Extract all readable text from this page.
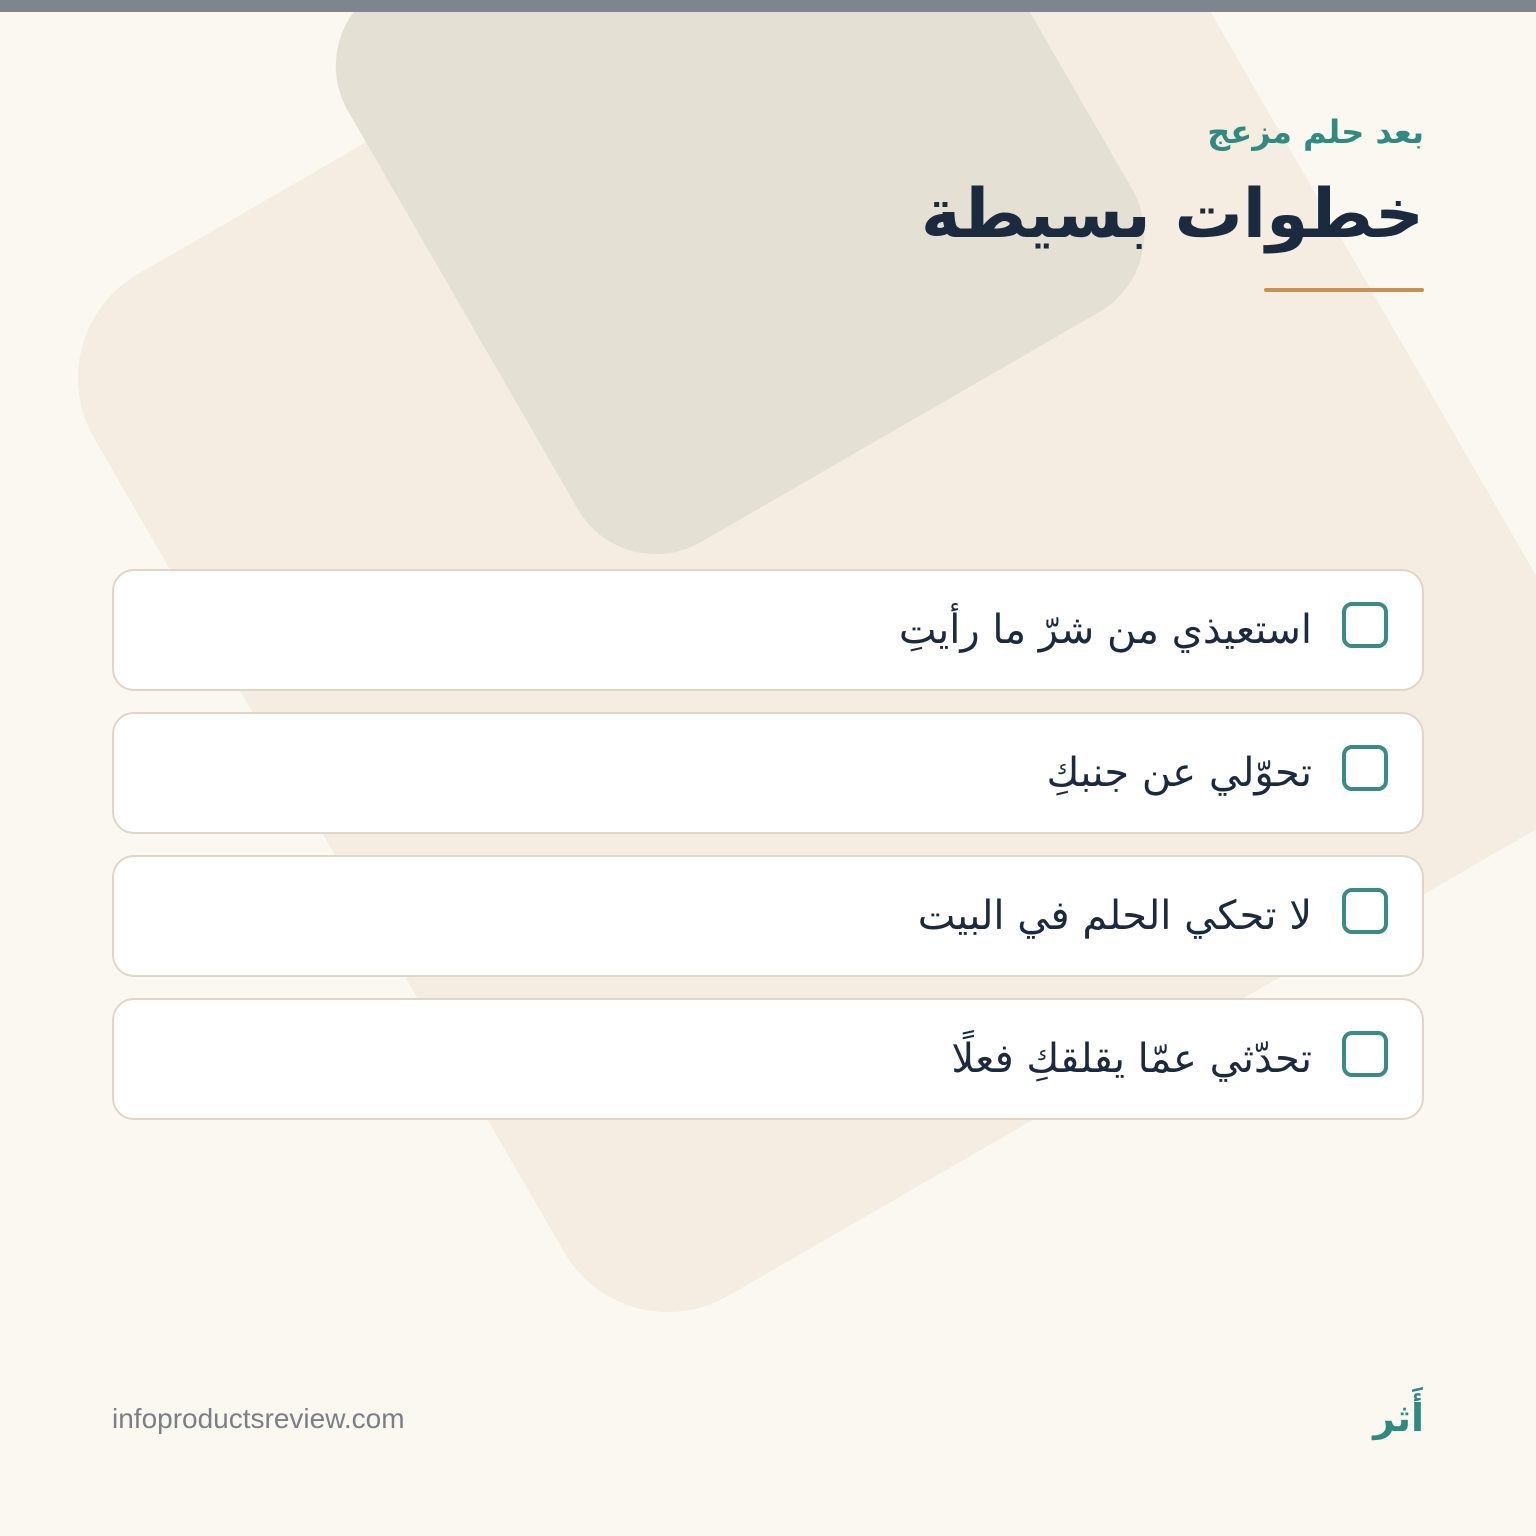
بعد حلم مزعج
خطوات بسيطة
استعيذي من شرّ ما رأيتِ
تحوّلي عن جنبكِ
لا تحكي الحلم في البيت
تحدّثي عمّا يقلقكِ فعلًا
infoproductsreview.com	أَثر
